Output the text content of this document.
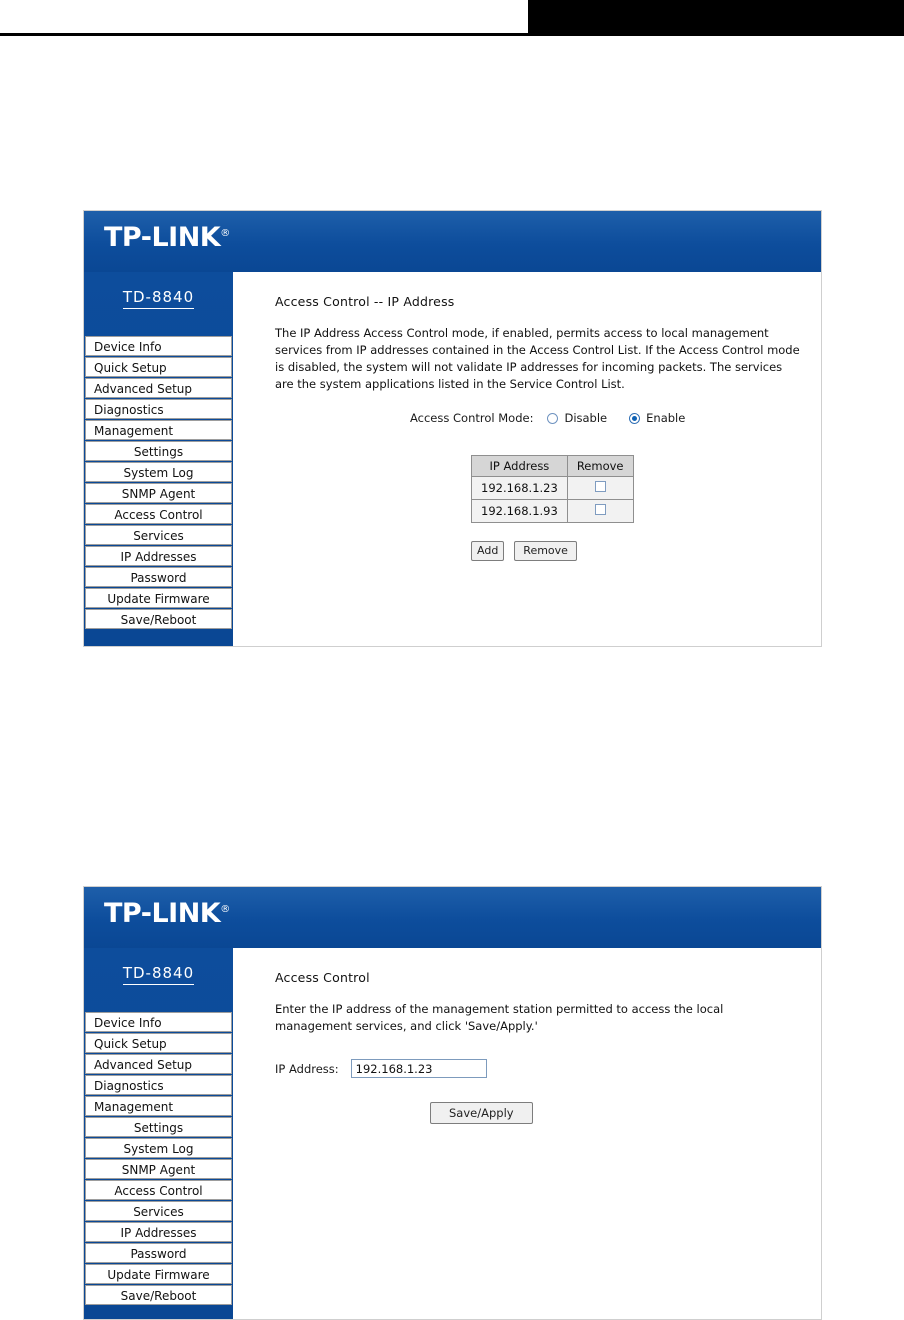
TP-LINK®
TD-8840
Device Info
Quick Setup
Advanced Setup
Diagnostics
Management
Settings
System Log
SNMP Agent
Access Control
Services
IP Addresses
Password
Update Firmware
Save/Reboot
Access Control -- IP Address
The IP Address Access Control mode, if enabled, permits access to local management services from IP addresses contained in the Access Control List. If the Access Control mode is disabled, the system will not validate IP addresses for incoming packets. The services are the system applications listed in the Service Control List.
Access Control Mode:	Disable	Enable
IP Address	Remove
192.168.1.23	
192.168.1.93	
Add	Remove
TP-LINK®
TD-8840
Device Info
Quick Setup
Advanced Setup
Diagnostics
Management
Settings
System Log
SNMP Agent
Access Control
Services
IP Addresses
Password
Update Firmware
Save/Reboot
Access Control
Enter the IP address of the management station permitted to access the local management services, and click 'Save/Apply.'
IP Address:
192.168.1.23
Save/Apply
